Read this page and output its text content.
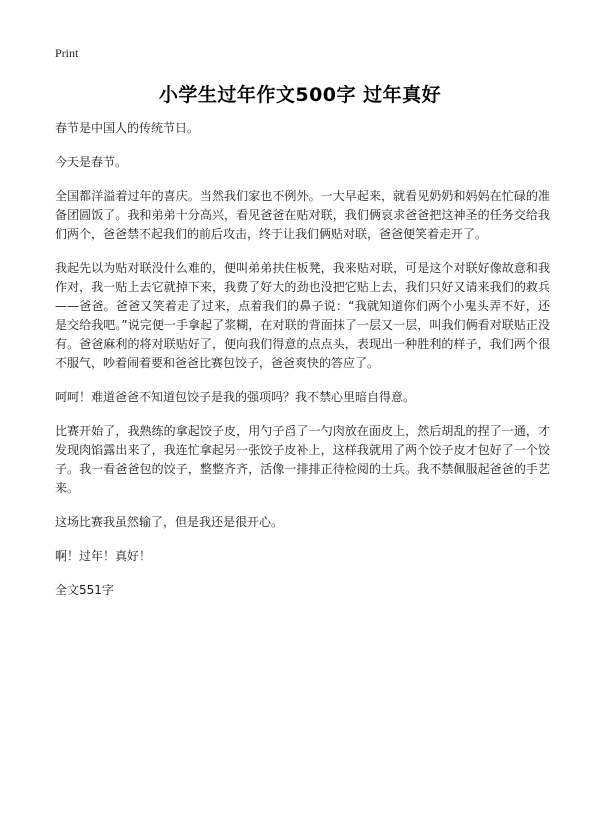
Print
小学生过年作文500字 过年真好

春节是中国人的传统节日。

今天是春节。

全国都洋溢着过年的喜庆。当然我们家也不例外。一大早起来，就看见奶奶和妈妈在忙碌的准备团圆饭了。我和弟弟十分高兴，看见爸爸在贴对联，我们俩哀求爸爸把这神圣的任务交给我们两个，爸爸禁不起我们的前后攻击，终于让我们俩贴对联，爸爸便笑着走开了。

我起先以为贴对联没什么难的，便叫弟弟扶住板凳，我来贴对联，可是这个对联好像故意和我作对，我一贴上去它就掉下来，我费了好大的劲也没把它贴上去，我们只好又请来我们的救兵——爸爸。爸爸又笑着走了过来，点着我们的鼻子说：“我就知道你们两个小鬼头弄不好，还是交给我吧。”说完便一手拿起了浆糊，在对联的背面抹了一层又一层，叫我们俩看对联贴正没有。爸爸麻利的将对联贴好了，便向我们得意的点点头，表现出一种胜利的样子，我们两个很不服气，吵着闹着要和爸爸比赛包饺子，爸爸爽快的答应了。

呵呵！难道爸爸不知道包饺子是我的强项吗？我不禁心里暗自得意。

比赛开始了，我熟练的拿起饺子皮，用勺子舀了一勺肉放在面皮上，然后胡乱的捏了一通，才发现肉馅露出来了，我连忙拿起另一张饺子皮补上，这样我就用了两个饺子皮才包好了一个饺子。我一看爸爸包的饺子，整整齐齐，活像一排排正待检阅的士兵。我不禁佩服起爸爸的手艺来。

这场比赛我虽然输了，但是我还是很开心。

啊！过年！真好！

全文551字
